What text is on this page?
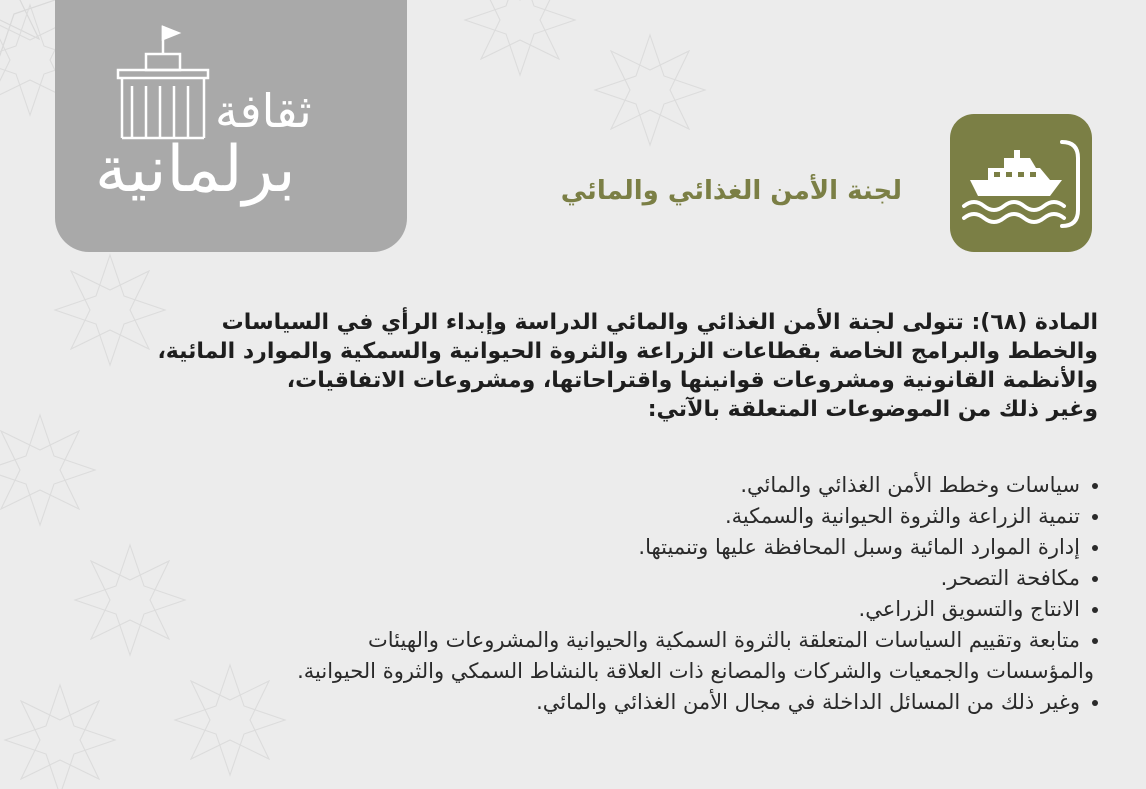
ثقافة
برلمانية	لجنة الأمن الغذائي والمائي
المادة (٦٨): تتولى لجنة الأمن الغذائي والمائي الدراسة وإبداء الرأي في السياسات
والخطط والبرامج الخاصة بقطاعات الزراعة والثروة الحيوانية والسمكية والموارد المائية،
والأنظمة القانونية ومشروعات قوانينها واقتراحاتها، ومشروعات الاتفاقيات،
وغير ذلك من الموضوعات المتعلقة بالآتي:
سياسات وخطط الأمن الغذائي والمائي.
تنمية الزراعة والثروة الحيوانية والسمكية.
إدارة الموارد المائية وسبل المحافظة عليها وتنميتها.
مكافحة التصحر.
الانتاج والتسويق الزراعي.
متابعة وتقييم السياسات المتعلقة بالثروة السمكية والحيوانية والمشروعات والهيئات
والمؤسسات والجمعيات والشركات والمصانع ذات العلاقة بالنشاط السمكي والثروة الحيوانية.
وغير ذلك من المسائل الداخلة في مجال الأمن الغذائي والمائي.
